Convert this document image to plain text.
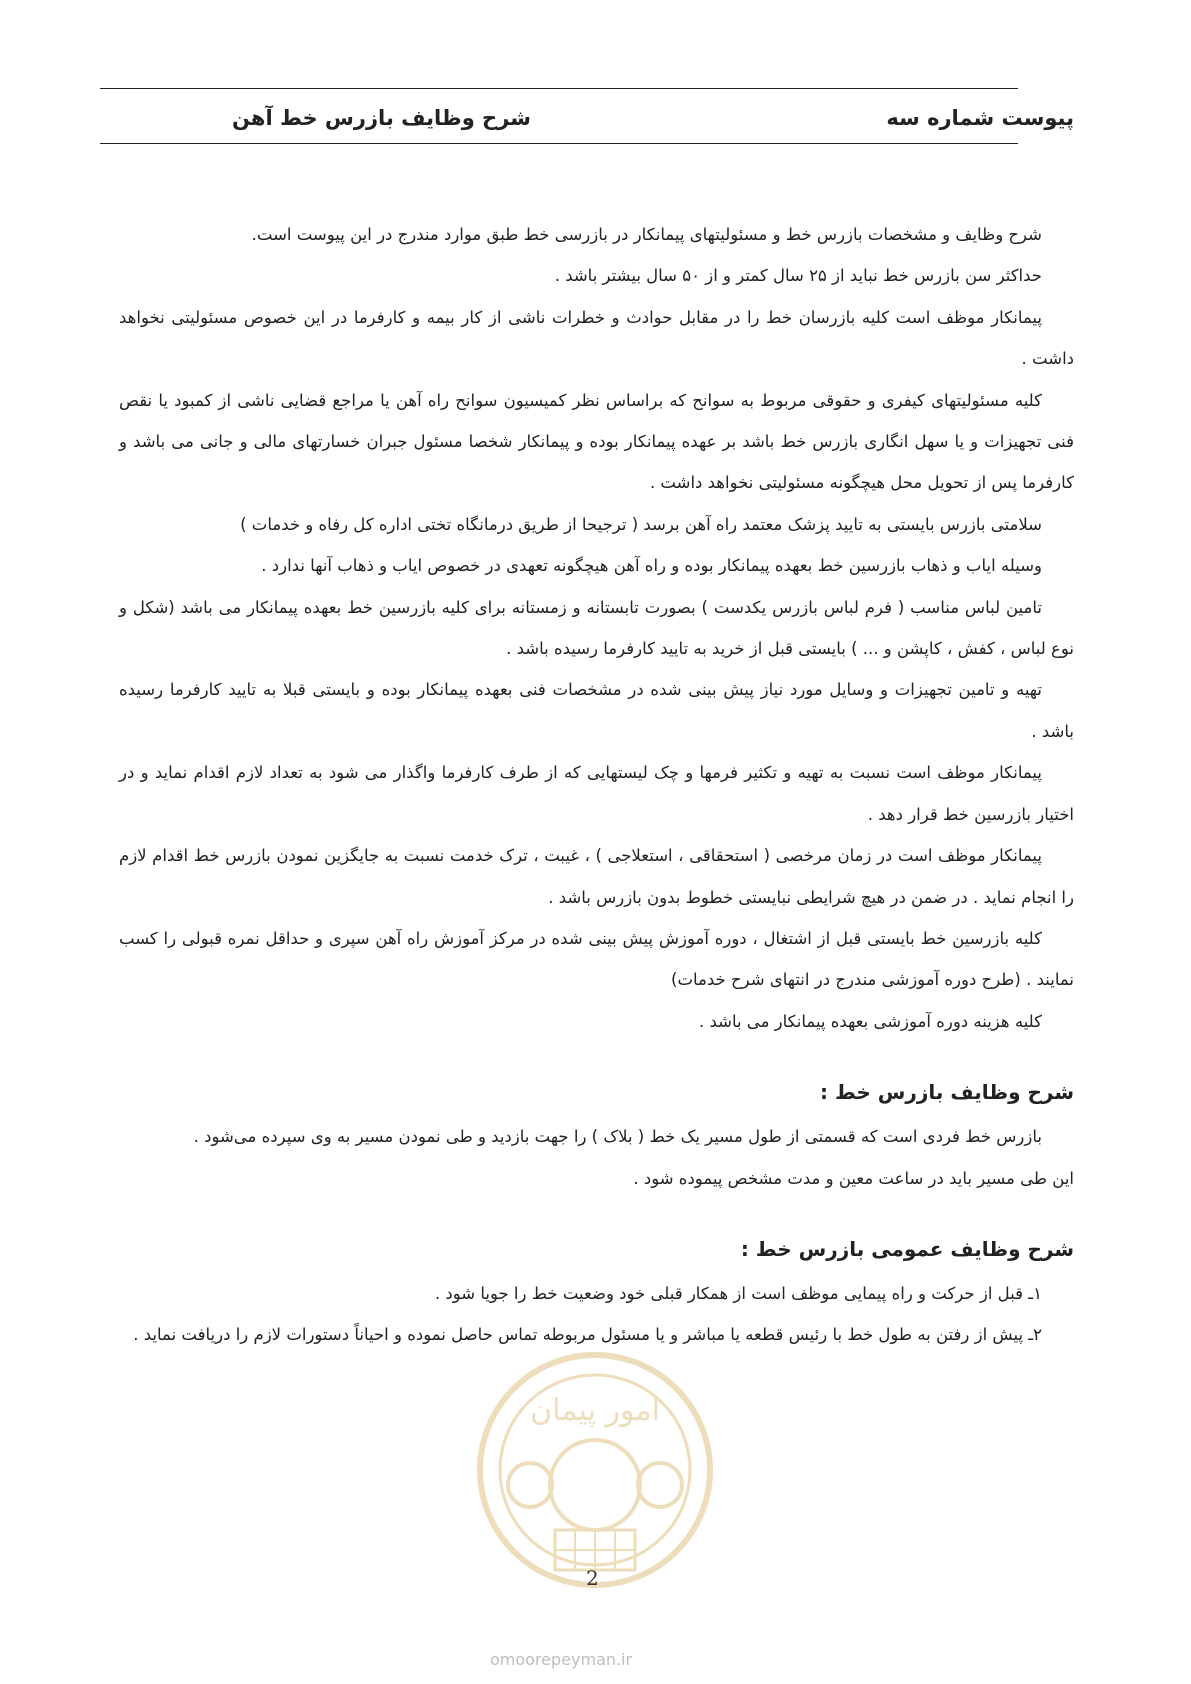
پیوست شماره سه
شرح وظایف بازرس خط آهن

شرح وظایف و مشخصات بازرس خط و مسئولیتهای پیمانکار در بازرسی خط طبق موارد مندرج در این پیوست است.

حداکثر سن بازرس خط نباید از ۲۵ سال کمتر و از ۵۰ سال بیشتر باشد .

پیمانکار موظف است کلیه بازرسان خط را در مقابل حوادث و خطرات ناشی از کار بیمه و کارفرما در این خصوص مسئولیتی نخواهد داشت .

کلیه مسئولیتهای کیفری و حقوقی مربوط به سوانح که براساس نظر کمیسیون سوانح راه آهن یا مراجع قضایی ناشی از کمبود یا نقص فنی تجهیزات و یا سهل انگاری بازرس خط باشد بر عهده پیمانکار بوده و پیمانکار شخصا مسئول جبران خسارتهای مالی و جانی می باشد و کارفرما پس از تحویل محل هیچگونه مسئولیتی نخواهد داشت .

سلامتی بازرس بایستی به تایید پزشک معتمد راه آهن برسد ( ترجیحا از طریق درمانگاه تختی اداره کل رفاه و خدمات )

وسیله ایاب و ذهاب بازرسین خط بعهده پیمانکار بوده و راه آهن هیچگونه تعهدی در خصوص ایاب و ذهاب آنها ندارد .

تامین لباس مناسب ( فرم لباس بازرس یکدست ) بصورت تابستانه و زمستانه برای کلیه بازرسین خط بعهده پیمانکار می باشد (شکل و نوع لباس ، کفش ، کاپشن و ... ) بایستی قبل از خرید به تایید کارفرما رسیده باشد .

تهیه و تامین تجهیزات و وسایل مورد نیاز پیش بینی شده در مشخصات فنی بعهده پیمانکار بوده و بایستی قبلا به تایید کارفرما رسیده باشد .

پیمانکار موظف است نسبت به تهیه و تکثیر فرمها و چک لیستهایی که از طرف کارفرما واگذار می شود به تعداد لازم اقدام نماید و در اختیار بازرسین خط قرار دهد .

پیمانکار موظف است در زمان مرخصی ( استحقاقی ، استعلاجی ) ، غیبت ، ترک خدمت نسبت به جایگزین نمودن بازرس خط اقدام لازم را انجام نماید . در ضمن در هیچ شرایطی نبایستی خطوط بدون بازرس باشد .

کلیه بازرسین خط بایستی قبل از اشتغال ، دوره آموزش پیش بینی شده در مرکز آموزش راه آهن سپری و حداقل نمره قبولی را کسب نمایند . (طرح دوره آموزشی مندرج در انتهای شرح خدمات)

کلیه هزینه دوره آموزشی بعهده پیمانکار می باشد .

شرح وظایف بازرس خط :

بازرس خط فردی است که قسمتی از طول مسیر یک خط ( بلاک ) را جهت بازدید و طی نمودن مسیر به وی سپرده می‌شود .

این طی مسیر باید در ساعت معین و مدت مشخص پیموده شود .

شرح وظایف عمومی بازرس خط :

۱ـ قبل از حرکت و راه پیمایی موظف است از همکار قبلی خود وضعیت خط را جویا شود .

۲ـ پیش از رفتن به طول خط با رئیس قطعه یا مباشر و یا مسئول مربوطه تماس حاصل نموده و احیاناً دستورات لازم را دریافت نماید .

امور پیمان
2
omoorepeyman.ir
